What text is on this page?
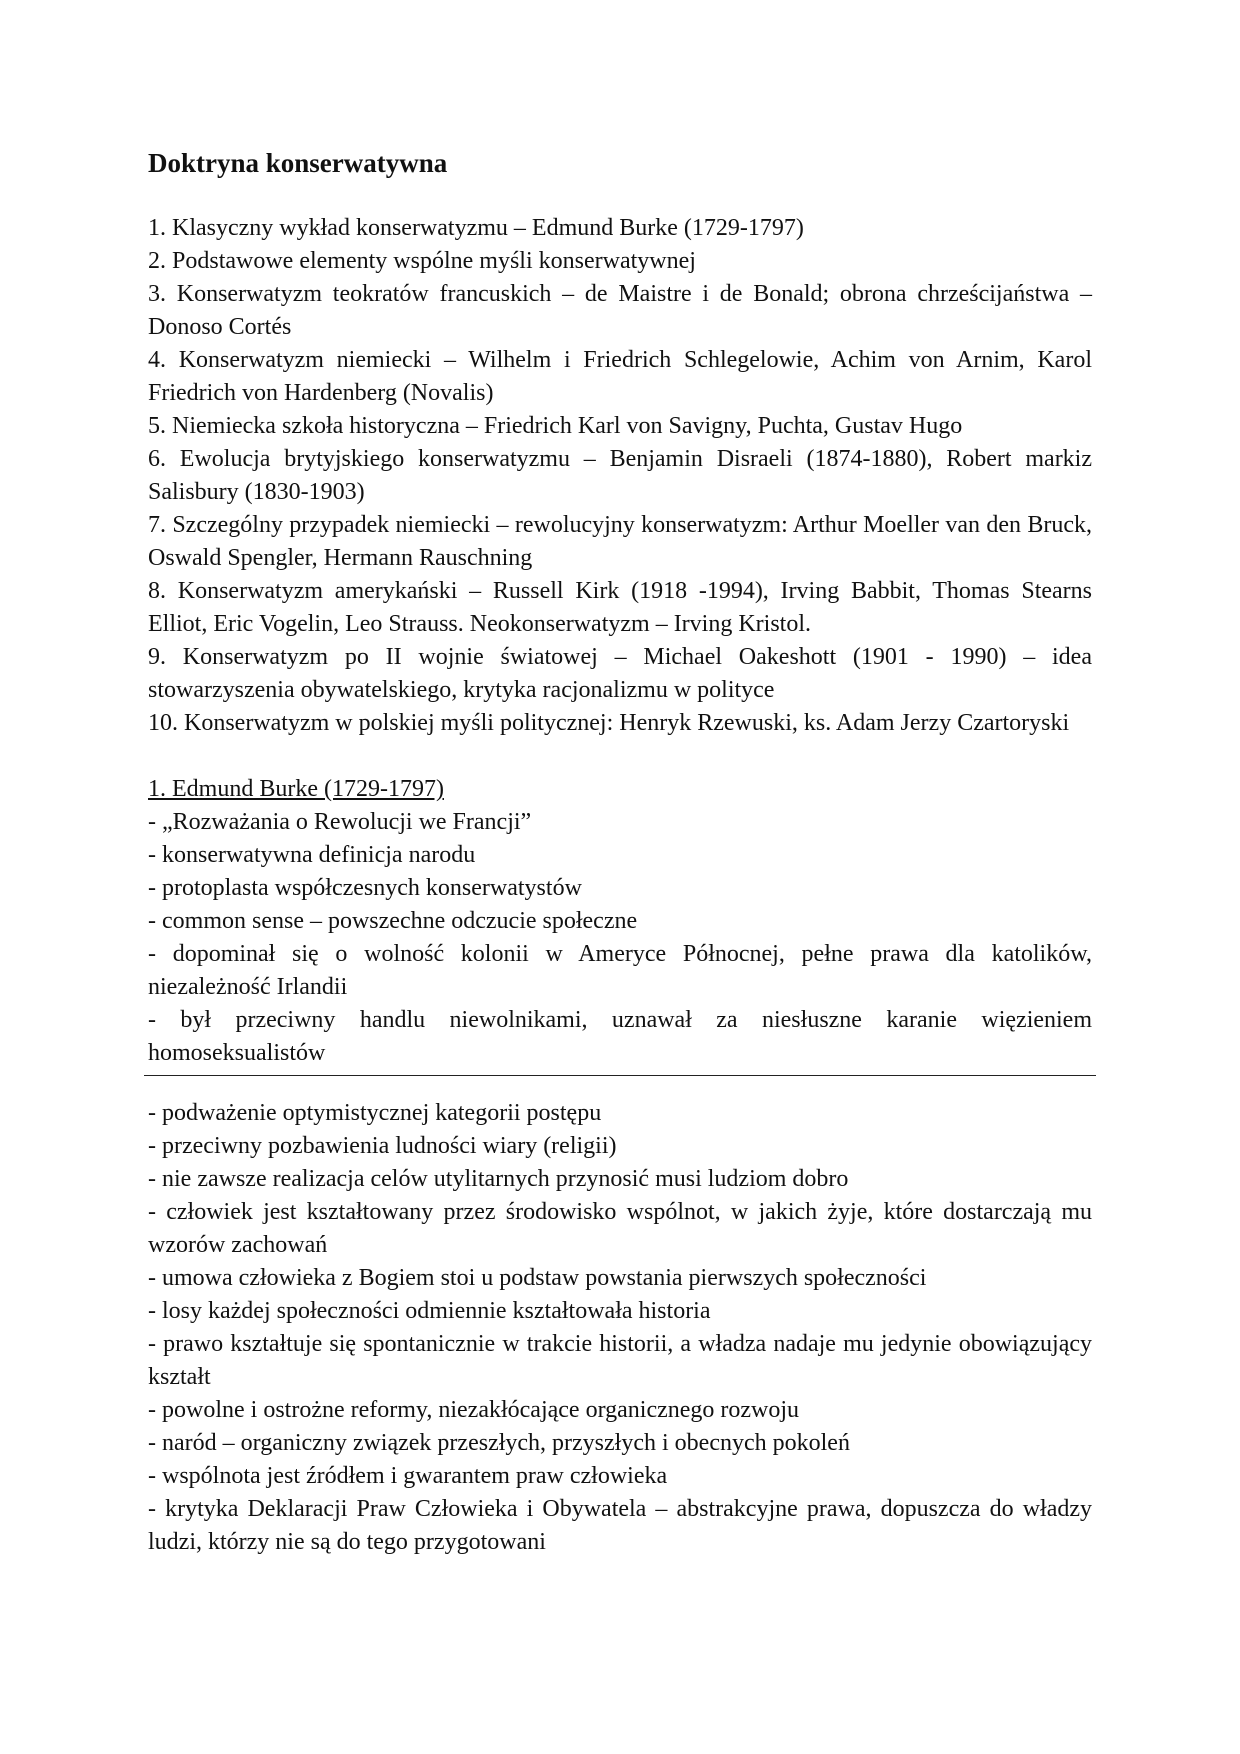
Doktryna konserwatywna

1. Klasyczny wykład konserwatyzmu – Edmund Burke (1729-1797)

2. Podstawowe elementy wspólne myśli konserwatywnej

3. Konserwatyzm teokratów francuskich – de Maistre i de Bonald; obrona chrześcijaństwa – Donoso Cortés

4. Konserwatyzm niemiecki – Wilhelm i Friedrich Schlegelowie, Achim von Arnim, Karol Friedrich von Hardenberg (Novalis)

5. Niemiecka szkoła historyczna – Friedrich Karl von Savigny, Puchta, Gustav Hugo

6. Ewolucja brytyjskiego konserwatyzmu – Benjamin Disraeli (1874-1880), Robert markiz Salisbury (1830-1903)

7. Szczególny przypadek niemiecki – rewolucyjny konserwatyzm: Arthur Moeller van den Bruck, Oswald Spengler, Hermann Rauschning

8. Konserwatyzm amerykański – Russell Kirk (1918 -1994), Irving Babbit, Thomas Stearns Elliot, Eric Vogelin, Leo Strauss. Neokonserwatyzm – Irving Kristol.

9. Konserwatyzm po II wojnie światowej – Michael Oakeshott (1901 - 1990) – idea stowarzyszenia obywatelskiego, krytyka racjonalizmu w polityce

10. Konserwatyzm w polskiej myśli politycznej: Henryk Rzewuski, ks. Adam Jerzy Czartoryski

1. Edmund Burke (1729-1797)

- „Rozważania o Rewolucji we Francji”

- konserwatywna definicja narodu

- protoplasta współczesnych konserwatystów

- common sense – powszechne odczucie społeczne

- dopominał się o wolność kolonii w Ameryce Północnej, pełne prawa dla katolików, niezależność Irlandii

- był przeciwny handlu niewolnikami, uznawał za niesłuszne karanie więzieniem homoseksualistów

- podważenie optymistycznej kategorii postępu

- przeciwny pozbawienia ludności wiary (religii)

- nie zawsze realizacja celów utylitarnych przynosić musi ludziom dobro

- człowiek jest kształtowany przez środowisko wspólnot, w jakich żyje, które dostarczają mu wzorów zachowań

- umowa człowieka z Bogiem stoi u podstaw powstania pierwszych społeczności

- losy każdej społeczności odmiennie kształtowała historia

- prawo kształtuje się spontanicznie w trakcie historii, a władza nadaje mu jedynie obowiązujący kształt

- powolne i ostrożne reformy, niezakłócające organicznego rozwoju

- naród – organiczny związek przeszłych, przyszłych i obecnych pokoleń

- wspólnota jest źródłem i gwarantem praw człowieka

- krytyka Deklaracji Praw Człowieka i Obywatela – abstrakcyjne prawa, dopuszcza do władzy ludzi, którzy nie są do tego przygotowani
